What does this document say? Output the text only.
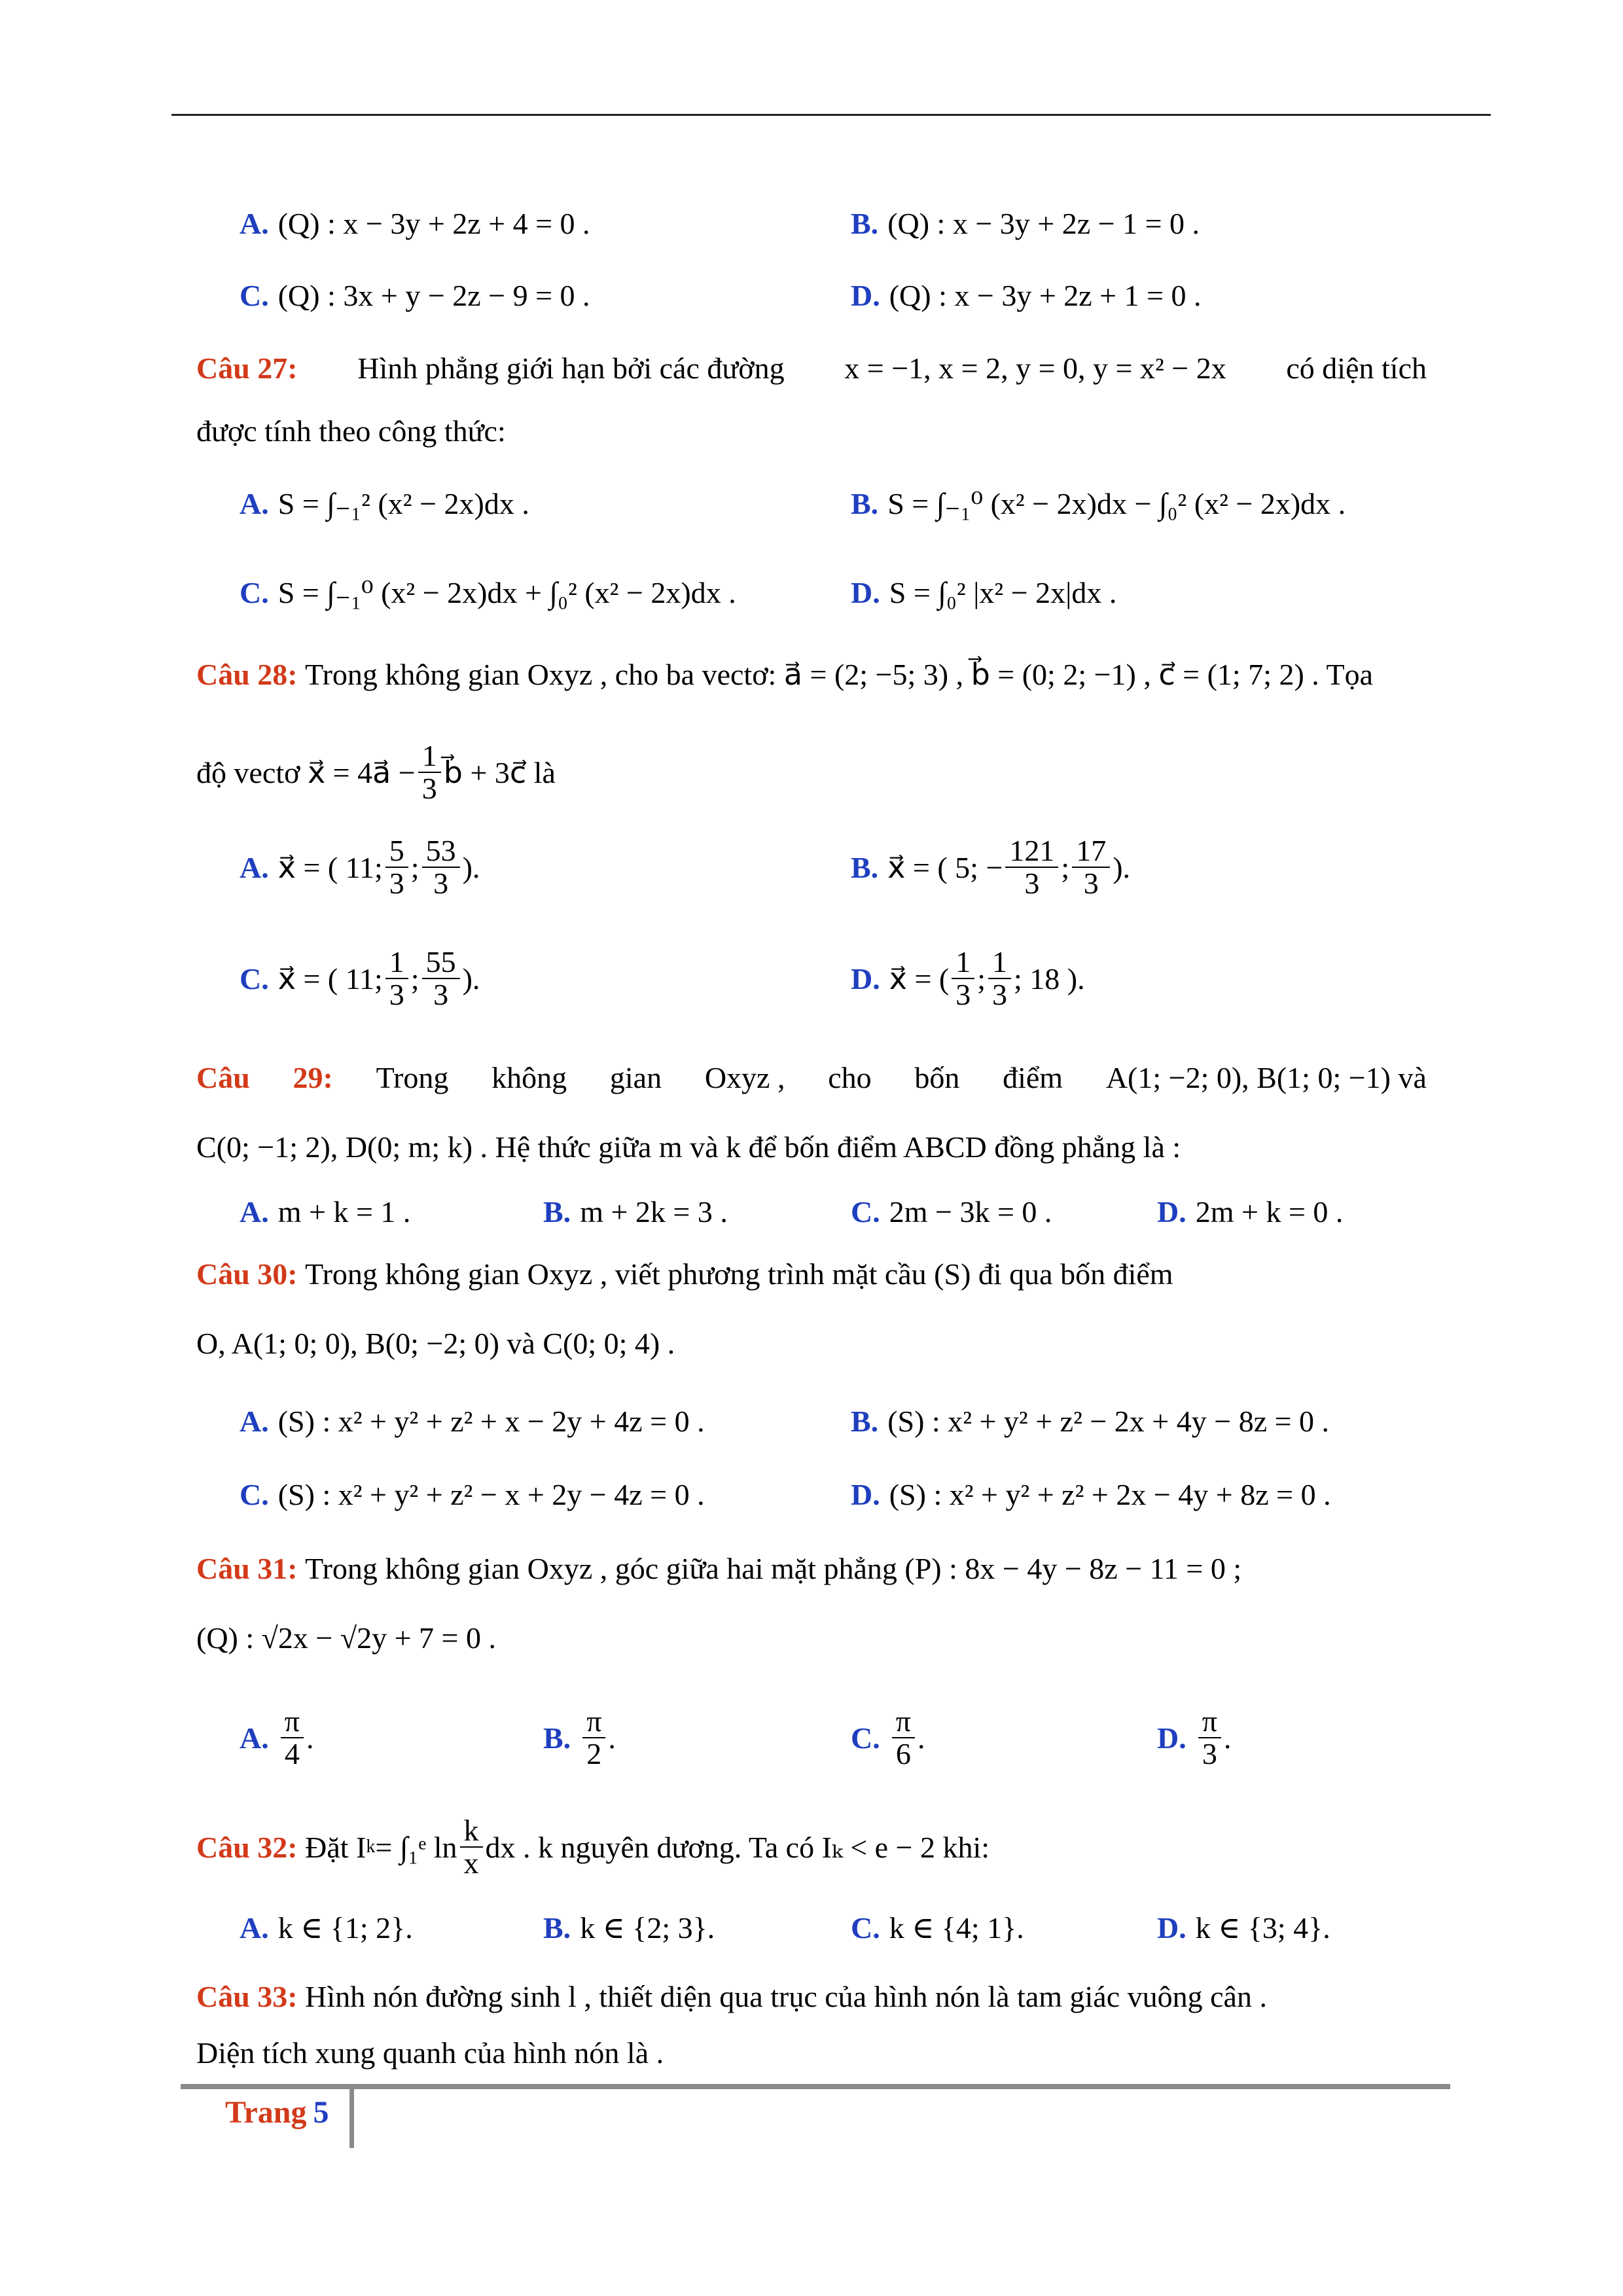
A. (Q) : x − 3y + 2z + 4 = 0 .	B. (Q) : x − 3y + 2z − 1 = 0 .
C. (Q) : 3x + y − 2z − 9 = 0 .	D. (Q) : x − 3y + 2z + 1 = 0 .
Câu 27: Hình phẳng giới hạn bởi các đường x = −1, x = 2, y = 0, y = x² − 2x có diện tích
được tính theo công thức:
A. S = ∫₋₁² (x² − 2x)dx .	B. S = ∫₋₁⁰ (x² − 2x)dx − ∫₀² (x² − 2x)dx .
C. S = ∫₋₁⁰ (x² − 2x)dx + ∫₀² (x² − 2x)dx .	D. S = ∫₀² |x² − 2x|dx .
Câu 28:
Trong không gian Oxyz , cho ba vectơ: a⃗ = (2; −5; 3) , b⃗ = (0; 2; −1) , c⃗ = (1; 7; 2) . Tọa
độ vectơ x⃗ = 4a⃗ − $\frac{1}{3}$ b⃗ + 3c⃗ là
A. x⃗ = ( 11; $\frac{5}{3}$ ; $\frac{53}{3}$ ).	B. x⃗ = ( 5; − $\frac{121}{3}$ ; $\frac{17}{3}$ ).
C. x⃗ = ( 11; $\frac{1}{3}$ ; $\frac{55}{3}$ ).	D. x⃗ = ( $\frac{1}{3}$ ; $\frac{1}{3}$ ; 18 ).
Câu 29: Trong không gian Oxyz , cho bốn điểm A(1; −2; 0), B(1; 0; −1) và
C(0; −1; 2), D(0; m; k) . Hệ thức giữa m và k để bốn điểm ABCD đồng phẳng là :
A. m + k = 1 .	B. m + 2k = 3 .	C. 2m − 3k = 0 .	D. 2m + k = 0 .
Câu 30:
Trong không gian Oxyz , viết phương trình mặt cầu (S) đi qua bốn điểm
O, A(1; 0; 0), B(0; −2; 0) và C(0; 0; 4) .
A. (S) : x² + y² + z² + x − 2y + 4z = 0 .	B. (S) : x² + y² + z² − 2x + 4y − 8z = 0 .
C. (S) : x² + y² + z² − x + 2y − 4z = 0 .	D. (S) : x² + y² + z² + 2x − 4y + 8z = 0 .
Câu 31:
Trong không gian Oxyz , góc giữa hai mặt phẳng (P) : 8x − 4y − 8z − 11 = 0 ;
(Q) : √2x − √2y + 7 = 0 .
A. $\frac{\pi}{4}$ .	B. $\frac{\pi}{2}$ .	C. $\frac{\pi}{6}$ .	D. $\frac{\pi}{3}$ .
Câu 32:
Đặt I k = ∫₁ᵉ $\ln \frac{k}{x}$ dx . k nguyên dương. Ta có Iₖ < e − 2 khi:
A. k ∈ {1; 2}.	B. k ∈ {2; 3}.	C. k ∈ {4; 1}.	D. k ∈ {3; 4}.
Câu 33:
Hình nón đường sinh l , thiết diện qua trục của hình nón là tam giác vuông cân .
Diện tích xung quanh của hình nón là .
Trang 5
